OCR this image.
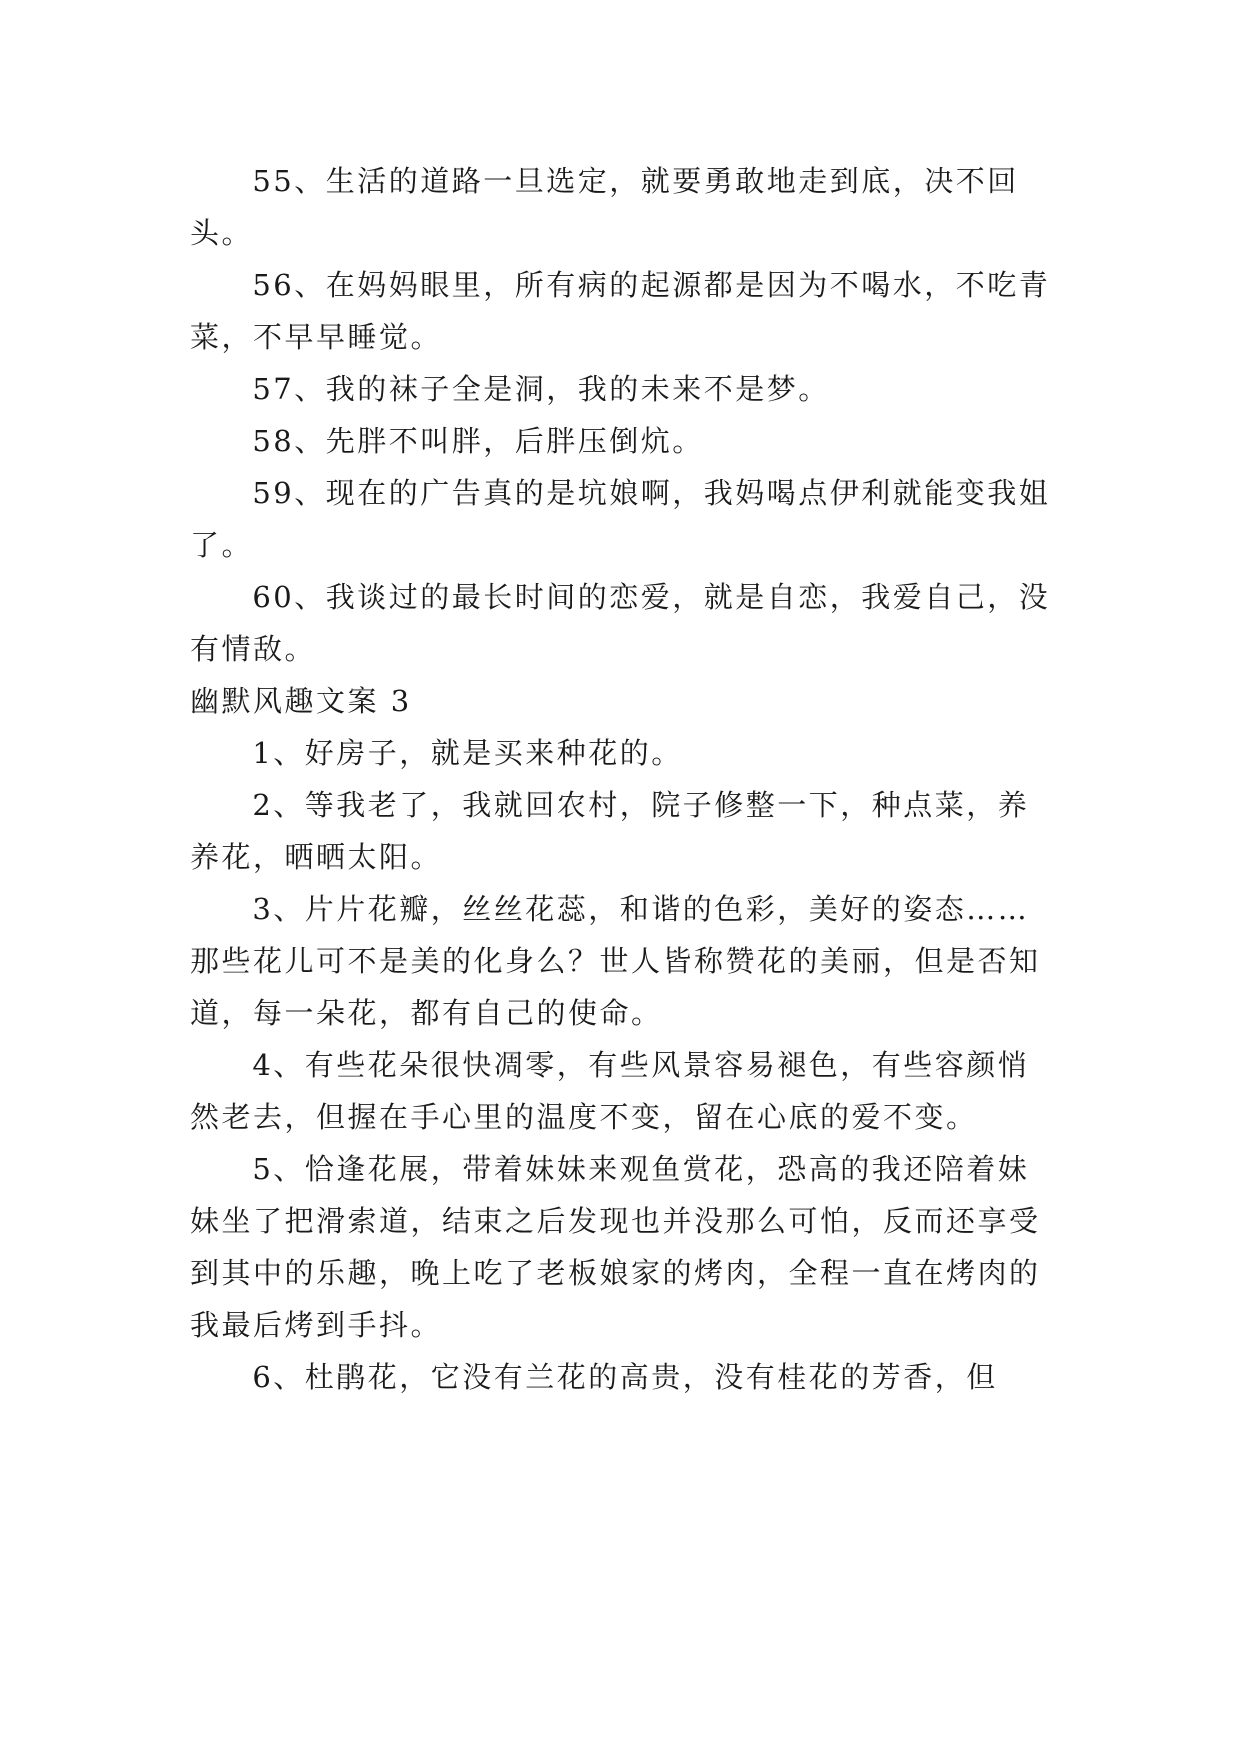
55、生活的道路一旦选定，就要勇敢地走到底，决不回头。

56、在妈妈眼里，所有病的起源都是因为不喝水，不吃青菜，不早早睡觉。

57、我的袜子全是洞，我的未来不是梦。

58、先胖不叫胖，后胖压倒炕。

59、现在的广告真的是坑娘啊，我妈喝点伊利就能变我姐了。

60、我谈过的最长时间的恋爱，就是自恋，我爱自己，没有情敌。

幽默风趣文案 3

1、好房子，就是买来种花的。

2、等我老了，我就回农村，院子修整一下，种点菜，养养花，晒晒太阳。

3、片片花瓣，丝丝花蕊，和谐的色彩，美好的姿态……那些花儿可不是美的化身么？世人皆称赞花的美丽，但是否知道，每一朵花，都有自己的使命。

4、有些花朵很快凋零，有些风景容易褪色，有些容颜悄然老去，但握在手心里的温度不变，留在心底的爱不变。

5、恰逢花展，带着妹妹来观鱼赏花，恐高的我还陪着妹妹坐了把滑索道，结束之后发现也并没那么可怕，反而还享受到其中的乐趣，晚上吃了老板娘家的烤肉，全程一直在烤肉的我最后烤到手抖。

6、杜鹃花，它没有兰花的高贵，没有桂花的芳香，但
